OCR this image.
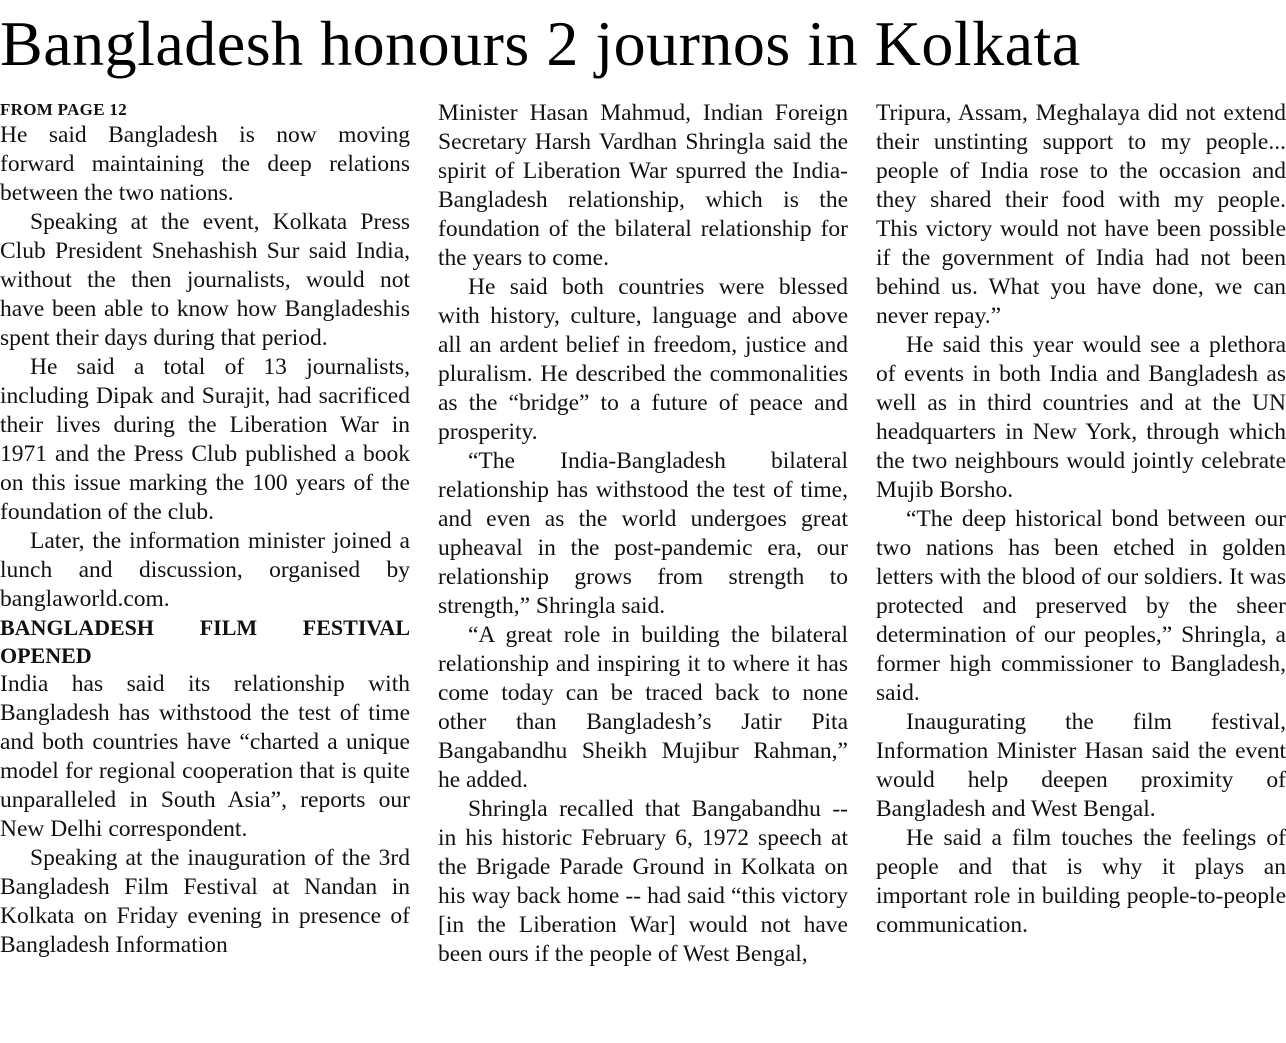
Bangladesh honours 2 journos in Kolkata
FROM PAGE 12

He said Bangladesh is now moving forward maintaining the deep relations between the two nations.

Speaking at the event, Kolkata Press Club President Snehashish Sur said India, without the then journalists, would not have been able to know how Bangladeshis spent their days during that period.

He said a total of 13 journalists, including Dipak and Surajit, had sacrificed their lives during the Liberation War in 1971 and the Press Club published a book on this issue marking the 100 years of the foundation of the club.

Later, the information minister joined a lunch and discussion, organised by banglaworld.com.

BANGLADESH FILM FESTIVAL
OPENED

India has said its relationship with Bangladesh has withstood the test of time and both countries have “charted a unique model for regional cooperation that is quite unparalleled in South Asia”, reports our New Delhi correspondent.

Speaking at the inauguration of the 3rd Bangladesh Film Festival at Nandan in Kolkata on Friday evening in presence of Bangladesh Information

Minister Hasan Mahmud, Indian Foreign Secretary Harsh Vardhan Shringla said the spirit of Liberation War spurred the India-Bangladesh relationship, which is the foundation of the bilateral relationship for the years to come.

He said both countries were blessed with history, culture, language and above all an ardent belief in freedom, justice and pluralism. He described the commonalities as the “bridge” to a future of peace and prosperity.

“The India-Bangladesh bilateral relationship has withstood the test of time, and even as the world undergoes great upheaval in the post-pandemic era, our relationship grows from strength to strength,” Shringla said.

“A great role in building the bilateral relationship and inspiring it to where it has come today can be traced back to none other than Bangladesh’s Jatir Pita Bangabandhu Sheikh Mujibur Rahman,” he added.

Shringla recalled that Bangabandhu -- in his historic February 6, 1972 speech at the Brigade Parade Ground in Kolkata on his way back home -- had said “this victory [in the Liberation War] would not have been ours if the people of West Bengal,

Tripura, Assam, Meghalaya did not extend their unstinting support to my people... people of India rose to the occasion and they shared their food with my people. This victory would not have been possible if the government of India had not been behind us. What you have done, we can never repay.”

He said this year would see a plethora of events in both India and Bangladesh as well as in third countries and at the UN headquarters in New York, through which the two neighbours would jointly celebrate Mujib Borsho.

“The deep historical bond between our two nations has been etched in golden letters with the blood of our soldiers. It was protected and preserved by the sheer determination of our peoples,” Shringla, a former high commissioner to Bangladesh, said.

Inaugurating the film festival, Information Minister Hasan said the event would help deepen proximity of Bangladesh and West Bengal.

He said a film touches the feelings of people and that is why it plays an important role in building people-to-people communication.
